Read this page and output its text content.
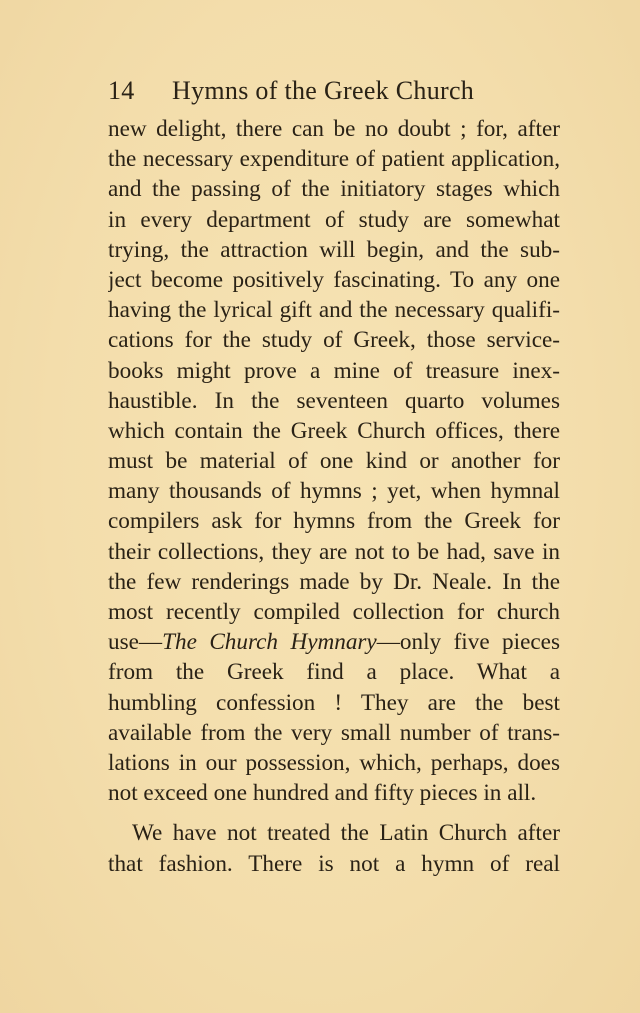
14 Hymns of the Greek Church
new delight, there can be no doubt ; for, after
the necessary expenditure of patient application,
and the passing of the initiatory stages which
in every department of study are somewhat
trying, the attraction will begin, and the sub-
ject become positively fascinating. To any one
having the lyrical gift and the necessary qualifi-
cations for the study of Greek, those service-
books might prove a mine of treasure inex-
haustible. In the seventeen quarto volumes
which contain the Greek Church offices, there
must be material of one kind or another for
many thousands of hymns ; yet, when hymnal
compilers ask for hymns from the Greek for
their collections, they are not to be had, save in
the few renderings made by Dr. Neale. In the
most recently compiled collection for church
use—The Church Hymnary—only five pieces
from the Greek find a place. What a
humbling confession ! They are the best
available from the very small number of trans-
lations in our possession, which, perhaps, does
not exceed one hundred and fifty pieces in all.
We have not treated the Latin Church after
that fashion. There is not a hymn of real
